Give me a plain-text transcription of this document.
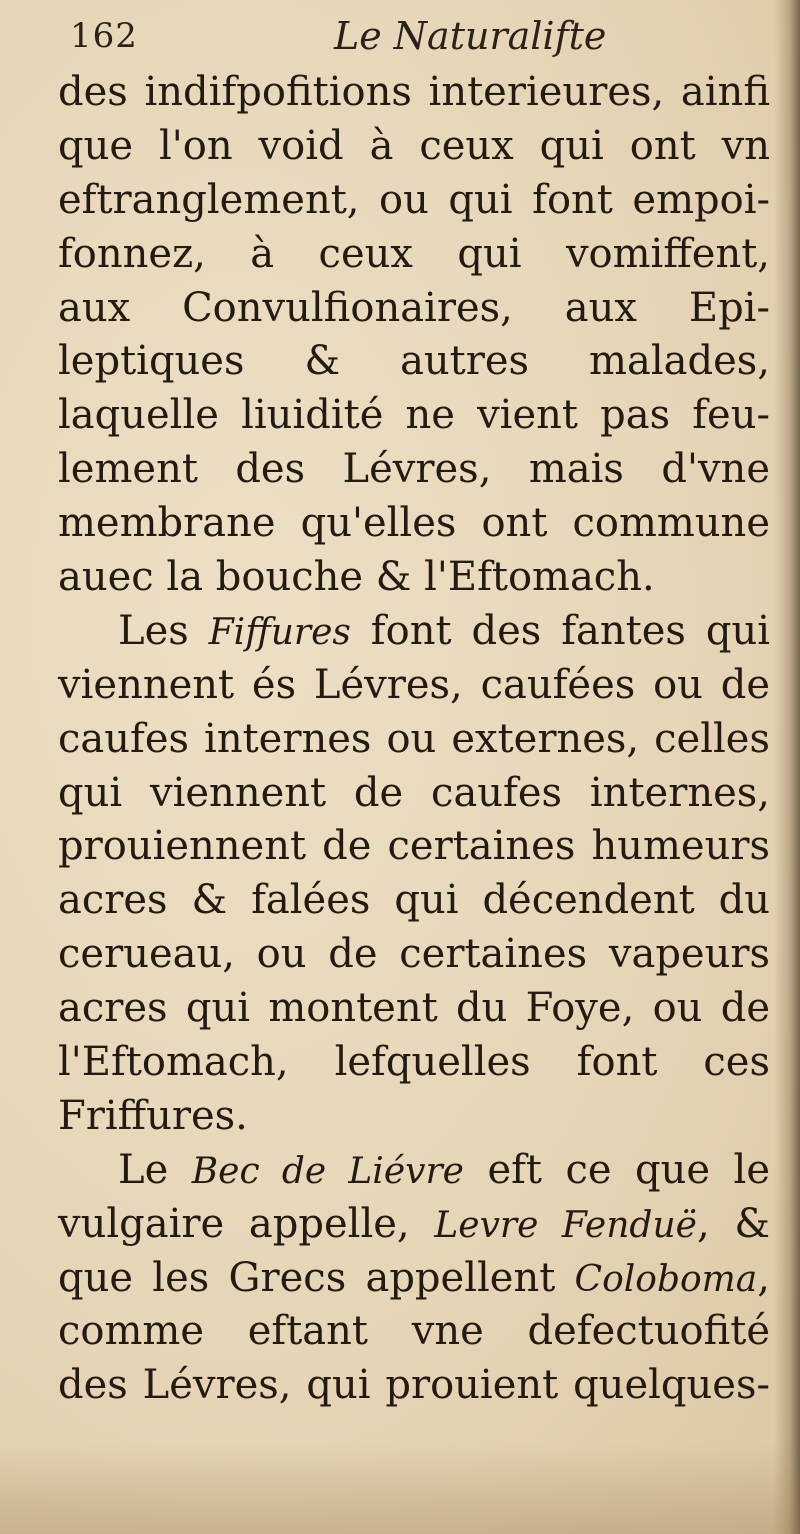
162	Le Naturalifte
des indifpofitions interieures, ainfi
que l'on void à ceux qui ont vn
eftranglement, ou qui font empoi-
fonnez, à ceux qui vomiffent,
aux Convulfionaires, aux Epi-
leptiques & autres malades,
laquelle liuidité ne vient pas feu-
lement des Lévres, mais d'vne
membrane qu'elles ont commune
auec la bouche & l'Eftomach.
Les Fiffures font des fantes qui
viennent és Lévres, caufées ou de
caufes internes ou externes, celles
qui viennent de caufes internes,
prouiennent de certaines humeurs
acres & falées qui décendent du
cerueau, ou de certaines vapeurs
acres qui montent du Foye, ou de
l'Eftomach, lefquelles font ces
Friffures.
Le Bec de Liévre eft ce que le
vulgaire appelle, Levre Fenduë, &
que les Grecs appellent Coloboma,
comme eftant vne defectuofité
des Lévres, qui prouient quelques-
